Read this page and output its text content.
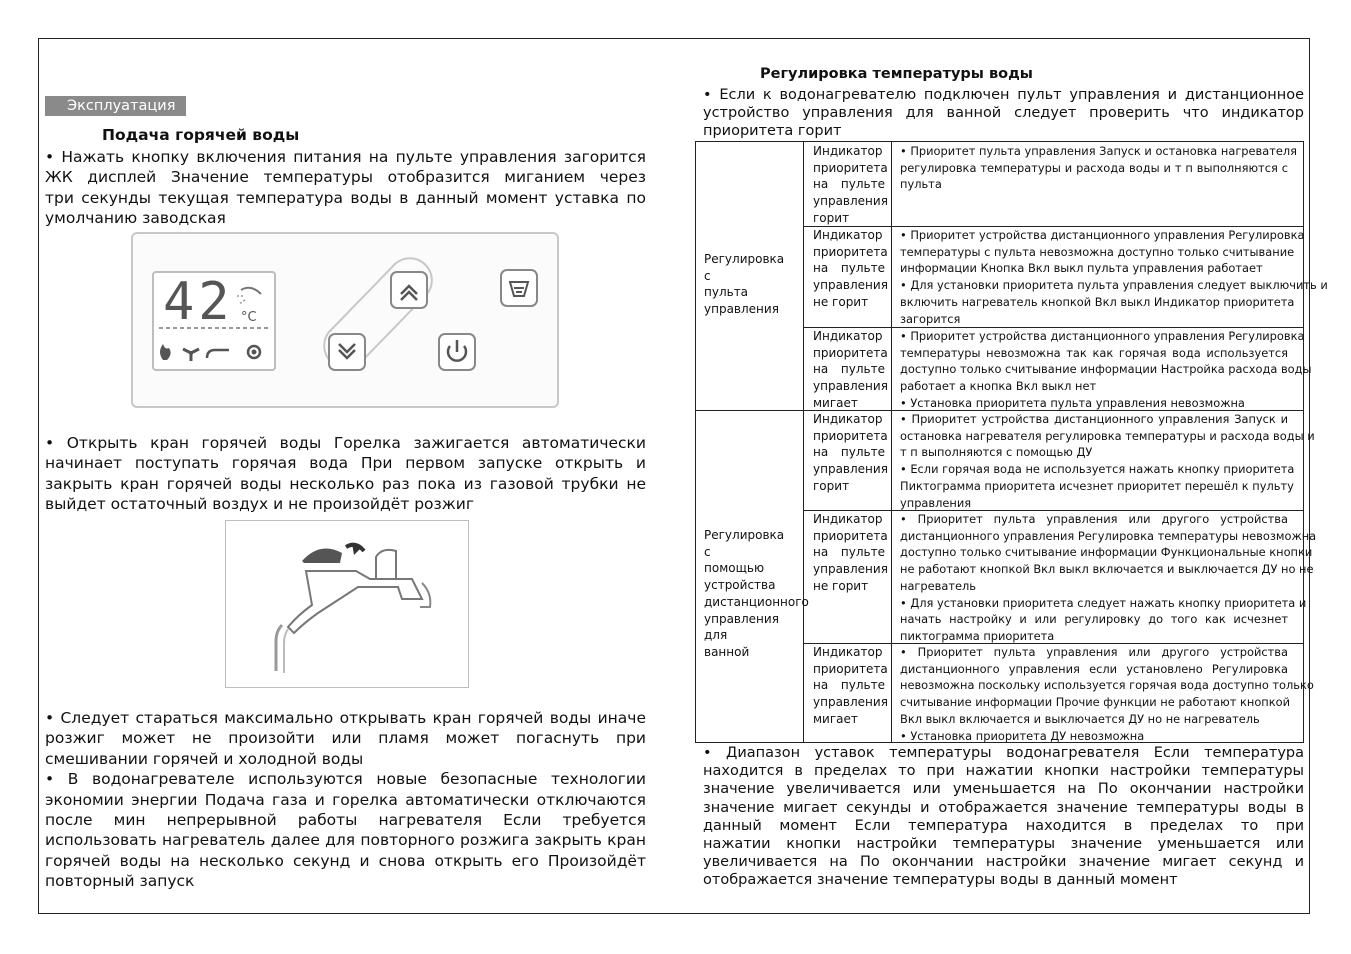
Эксплуатация
Подача горячей воды
• Нажать кнопку включения питания на пульте управления загорится
ЖК дисплей Значение температуры отобразится миганием через
три секунды текущая температура воды в данный момент уставка по
умолчанию заводская
42 °C
• Открыть кран горячей воды Горелка зажигается автоматически
начинает поступать горячая вода При первом запуске открыть и
закрыть кран горячей воды несколько раз пока из газовой трубки не
выйдет остаточный воздух и не произойдёт розжиг
• Следует стараться максимально открывать кран горячей воды иначе
розжиг может не произойти или пламя может погаснуть при
смешивании горячей и холодной воды
• В водонагревателе используются новые безопасные технологии
экономии энергии Подача газа и горелка автоматически отключаются
после мин непрерывной работы нагревателя Если требуется
использовать нагреватель далее для повторного розжига закрыть кран
горячей воды на несколько секунд и снова открыть его Произойдёт
повторный запуск
Регулировка температуры воды
• Если к водонагревателю подключен пульт управления и дистанционное
устройство управления для ванной следует проверить что индикатор
приоритета горит
Регулировка с
пульта
управления
Индикатор приоритета
на пульте
управления горит
• Приоритет пульта управления Запуск и остановка нагревателя
регулировка температуры и расхода воды и т п выполняются с
пульта
Индикатор приоритета
на пульте
управления не горит
• Приоритет устройства дистанционного управления Регулировка
температуры с пульта невозможна доступно только считывание
информации Кнопка Вкл выкл пульта управления работает
• Для установки приоритета пульта управления следует выключить и
включить нагреватель кнопкой Вкл выкл Индикатор приоритета
загорится
Индикатор приоритета
на пульте
управления мигает
• Приоритет устройства дистанционного управления Регулировка
температуры невозможна так как горячая вода используется
доступно только считывание информации Настройка расхода воды
работает а кнопка Вкл выкл нет
• Установка приоритета пульта управления невозможна
Регулировка с
помощью
устройства
дистанционного
управления для
ванной
Индикатор приоритета
на пульте
управления горит
• Приоритет устройства дистанционного управления Запуск и
остановка нагревателя регулировка температуры и расхода воды и
т п выполняются с помощью ДУ
• Если горячая вода не используется нажать кнопку приоритета
Пиктограмма приоритета исчезнет приоритет перешёл к пульту
управления
Индикатор приоритета
на пульте
управления не горит
• Приоритет пульта управления или другого устройства
дистанционного управления Регулировка температуры невозможна
доступно только считывание информации Функциональные кнопки
не работают кнопкой Вкл выкл включается и выключается ДУ но не
нагреватель
• Для установки приоритета следует нажать кнопку приоритета и
начать настройку и или регулировку до того как исчезнет
пиктограмма приоритета
Индикатор приоритета
на пульте
управления мигает
• Приоритет пульта управления или другого устройства
дистанционного управления если установлено Регулировка
невозможна поскольку используется горячая вода доступно только
считывание информации Прочие функции не работают кнопкой
Вкл выкл включается и выключается ДУ но не нагреватель
• Установка приоритета ДУ невозможна
• Диапазон уставок температуры водонагревателя Если температура
находится в пределах то при нажатии кнопки настройки температуры
значение увеличивается или уменьшается на По окончании настройки
значение мигает секунды и отображается значение температуры воды в
данный момент Если температура находится в пределах то при
нажатии кнопки настройки температуры значение уменьшается или
увеличивается на По окончании настройки значение мигает секунд и
отображается значение температуры воды в данный момент
